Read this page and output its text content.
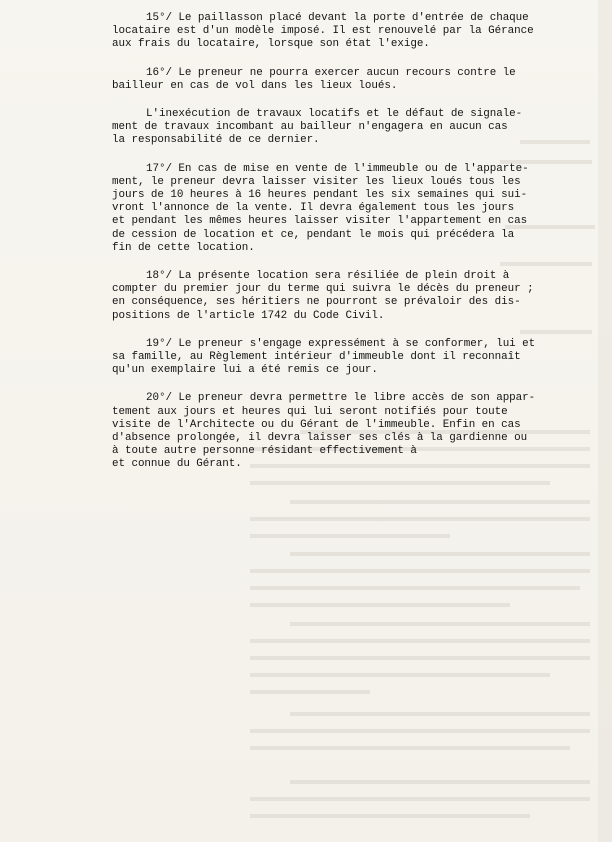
15°/ Le paillasson placé devant la porte d'entrée de chaque
locataire est d'un modèle imposé. Il est renouvelé par la Gérance
aux frais du locataire, lorsque son état l'exige.
16°/ Le preneur ne pourra exercer aucun recours contre le
bailleur en cas de vol dans les lieux loués.
L'inexécution de travaux locatifs et le défaut de signale-
ment de travaux incombant au bailleur n'engagera en aucun cas
la responsabilité de ce dernier.
17°/ En cas de mise en vente de l'immeuble ou de l'apparte-
ment, le preneur devra laisser visiter les lieux loués tous les
jours de 10 heures à 16 heures pendant les six semaines qui sui-
vront l'annonce de la vente. Il devra également tous les jours
et pendant les mêmes heures laisser visiter l'appartement en cas
de cession de location et ce, pendant le mois qui précédera la
fin de cette location.
18°/ La présente location sera résiliée de plein droit à
compter du premier jour du terme qui suivra le décès du preneur ;
en conséquence, ses héritiers ne pourront se prévaloir des dis-
positions de l'article 1742 du Code Civil.
19°/ Le preneur s'engage expressément à se conformer, lui et
sa famille, au Règlement intérieur d'immeuble dont il reconnaît
qu'un exemplaire lui a été remis ce jour.
20°/ Le preneur devra permettre le libre accès de son appar-
tement aux jours et heures qui lui seront notifiés pour toute
visite de l'Architecte ou du Gérant de l'immeuble. Enfin en cas
d'absence prolongée, il devra laisser ses clés à la gardienne ou
à toute autre personne résidant effectivement à
et connue du Gérant.
